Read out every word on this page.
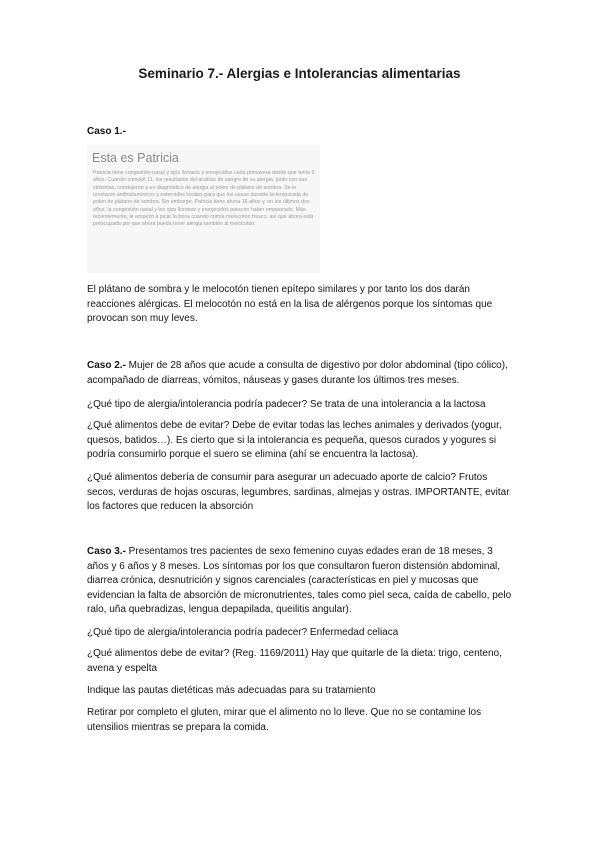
Seminario 7.- Alergias e Intolerancias alimentarias
Caso 1.-
Esta es Patricia
Patricia tiene congestión nasal y ojos llorosos y enrojecidos cada primavera desde que tenía 9 años. Cuando cumplió 11, los resultados del análisis de sangre de su alergia, junto con sus síntomas, condujeron a un diagnóstico de alergia al polen de plátano de sombra. Se le recetaron antihistamínicos y esteroides locales para que los usase durante la temporada de polen de plátano de sombra. Sin embargo, Patricia tiene ahora 16 años y, en los últimos dos años, la congestión nasal y los ojos llorosos y enrojecidos parecen haber empeorado. Más recientemente, le empezó a picar la boca cuando comía melocotón fresco, así que ahora está preocupada por que ahora pueda tener alergia también al melocotón.
El plátano de sombra y le melocotón tienen epítepo similares y por tanto los dos darán reacciones alérgicas. El melocotón no está en la lisa de alérgenos porque los síntomas que provocan son muy leves.
Caso 2.- Mujer de 28 años que acude a consulta de digestivo por dolor abdominal (tipo cólico), acompañado de diarreas, vómitos, náuseas y gases durante los últimos tres meses.
¿Qué tipo de alergia/intolerancia podría padecer? Se trata de una intolerancia a la lactosa
¿Qué alimentos debe de evitar? Debe de evitar todas las leches animales y derivados (yogur, quesos, batidos…). Es cierto que si la intolerancia es pequeña, quesos curados y yogures si podría consumirlo porque el suero se elimina (ahí se encuentra la lactosa).
¿Qué alimentos debería de consumir para asegurar un adecuado aporte de calcio? Frutos secos, verduras de hojas oscuras, legumbres, sardinas, almejas y ostras. IMPORTANTE, evitar los factores que reducen la absorción
Caso 3.- Presentamos tres pacientes de sexo femenino cuyas edades eran de 18 meses, 3 años y 6 años y 8 meses. Los síntomas por los que consultaron fueron distensión abdominal, diarrea crónica, desnutrición y signos carenciales (características en piel y mucosas que evidencian la falta de absorción de micronutrientes, tales como piel seca, caída de cabello, pelo ralo, uña quebradizas, lengua depapilada, queilitis angular).
¿Qué tipo de alergia/intolerancia podría padecer? Enfermedad celiaca
¿Qué alimentos debe de evitar? (Reg. 1169/2011) Hay que quitarle de la dieta: trigo, centeno, avena y espelta
Indique las pautas dietéticas más adecuadas para su tratamiento
Retirar por completo el gluten, mirar que el alimento no lo lleve. Que no se contamine los utensilios mientras se prepara la comida.
